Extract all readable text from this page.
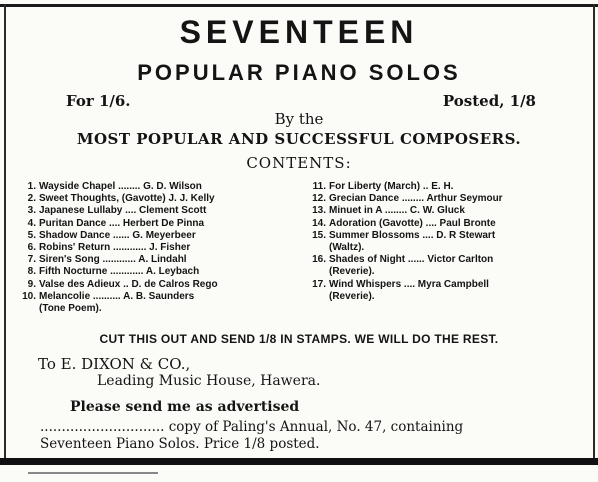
SEVENTEEN
POPULAR PIANO SOLOS
For 1/6.	Posted, 1/8
By the
MOST POPULAR AND SUCCESSFUL COMPOSERS.
CONTENTS:
1. Wayside Chapel ........ G. D. Wilson
2. Sweet Thoughts, (Gavotte) J. J. Kelly
3. Japanese Lullaby .... Clement Scott
4. Puritan Dance .... Herbert De Pinna
5. Shadow Dance ...... G. Meyerbeer
6. Robins' Return ............ J. Fisher
7. Siren's Song ............ A. Lindahl
8. Fifth Nocturne ............ A. Leybach
9. Valse des Adieux .. D. de Calros Rego
10. Melancolie .......... A. B. Saunders
(Tone Poem).
11. For Liberty (March) .. E. H.
12. Grecian Dance ........ Arthur Seymour
13. Minuet in A ........ C. W. Gluck
14. Adoration (Gavotte) .... Paul Bronte
15. Summer Blossoms .... D. R Stewart
(Waltz).
16. Shades of Night ...... Victor Carlton
(Reverie).
17. Wind Whispers .... Myra Campbell
(Reverie).
CUT THIS OUT AND SEND 1/8 IN STAMPS. WE WILL DO THE REST.
To E. DIXON & CO.,
Leading Music House, Hawera.
Please send me as advertised
............................. copy of Paling's Annual, No. 47, containing
Seventeen Piano Solos. Price 1/8 posted.
